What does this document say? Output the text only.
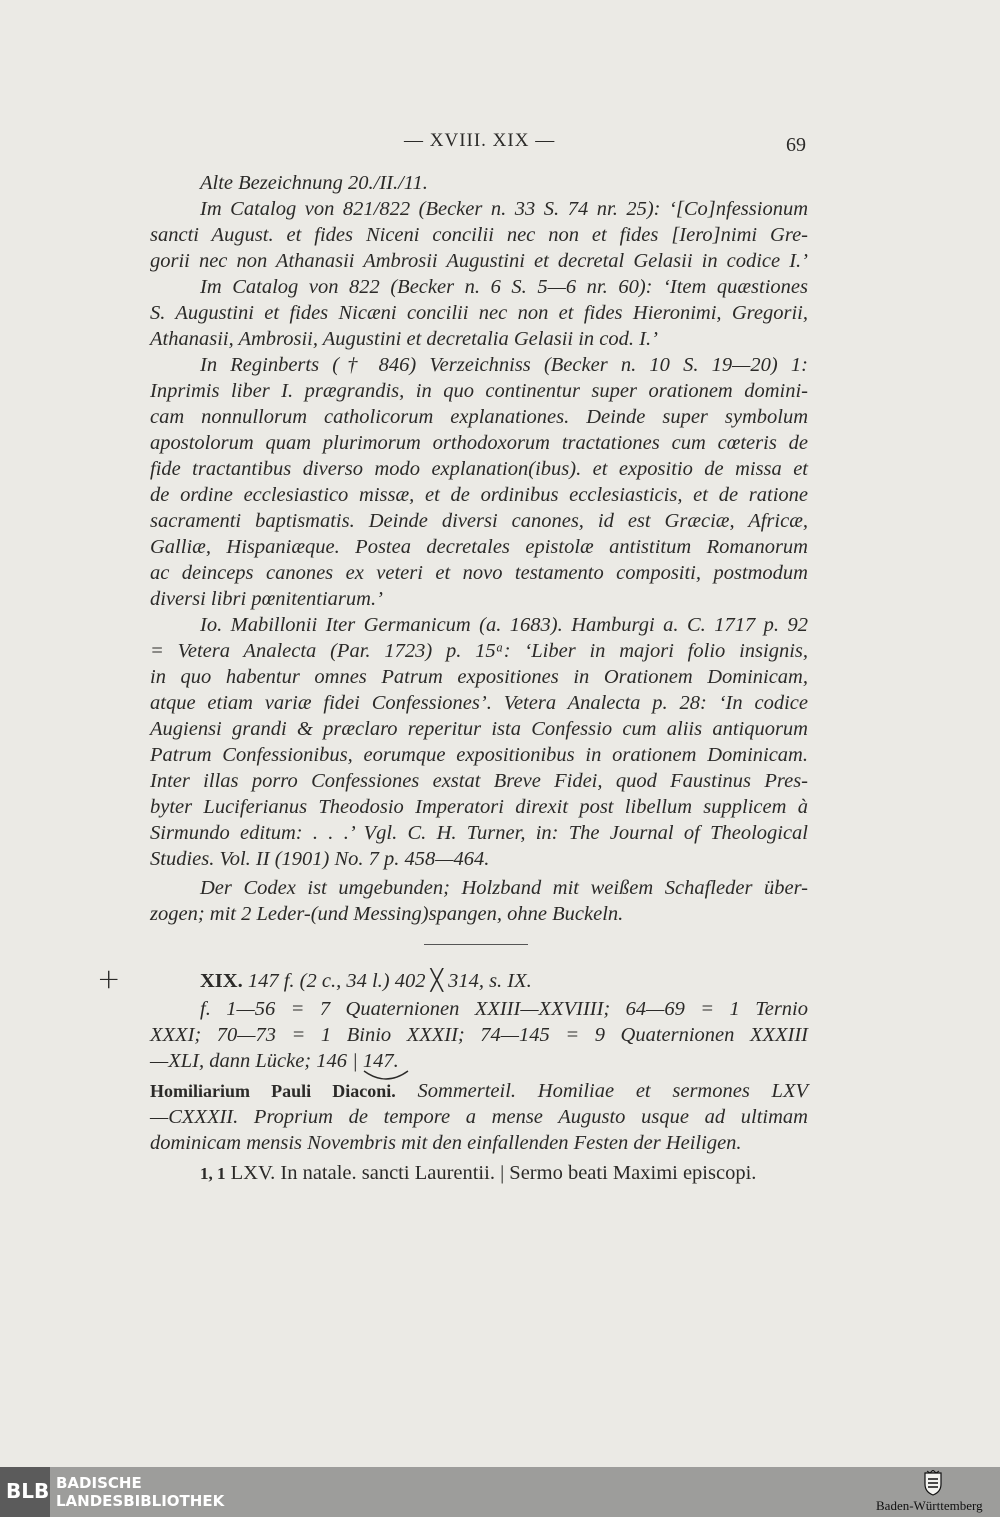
— XVIII. XIX —	69
Alte Bezeichnung 20./II./11.
Im Catalog von 821/822 (Becker n. 33 S. 74 nr. 25): ‘[Co]nfessionum
sancti August. et fides Niceni concilii nec non et fides [Iero]nimi Gre-
gorii nec non Athanasii Ambrosii Augustini et decretal Gelasii in codice I.’
Im Catalog von 822 (Becker n. 6 S. 5—6 nr. 60): ‘Item quæstiones
S. Augustini et fides Nicæni concilii nec non et fides Hieronimi, Gregorii,
Athanasii, Ambrosii, Augustini et decretalia Gelasii in cod. I.’
In Reginberts († 846) Verzeichniss (Becker n. 10 S. 19—20) 1:
Inprimis liber I. prægrandis, in quo continentur super orationem domini-
cam nonnullorum catholicorum explanationes. Deinde super symbolum
apostolorum quam plurimorum orthodoxorum tractationes cum cœteris de
fide tractantibus diverso modo explanation(ibus). et expositio de missa et
de ordine ecclesiastico missæ, et de ordinibus ecclesiasticis, et de ratione
sacramenti baptismatis. Deinde diversi canones, id est Græciæ, Africæ,
Galliæ, Hispaniæque. Postea decretales epistolæ antistitum Romanorum
ac deinceps canones ex veteri et novo testamento compositi, postmodum
diversi libri pœnitentiarum.’
Io. Mabillonii Iter Germanicum (a. 1683). Hamburgi a. C. 1717 p. 92
= Vetera Analecta (Par. 1723) p. 15ᵃ: ‘Liber in majori folio insignis,
in quo habentur omnes Patrum expositiones in Orationem Dominicam,
atque etiam variæ fidei Confessiones’. Vetera Analecta p. 28: ‘In codice
Augiensi grandi & præclaro reperitur ista Confessio cum aliis antiquorum
Patrum Confessionibus, eorumque expositionibus in orationem Dominicam.
Inter illas porro Confessiones exstat Breve Fidei, quod Faustinus Pres-
byter Luciferianus Theodosio Imperatori direxit post libellum supplicem à
Sirmundo editum: . . .’ Vgl. C. H. Turner, in: The Journal of Theological
Studies. Vol. II (1901) No. 7 p. 458—464.
Der Codex ist umgebunden; Holzband mit weißem Schafleder über-
zogen; mit 2 Leder-(und Messing)spangen, ohne Buckeln.
+	XIX. 147 f. (2 c., 34 l.) 402 ╳ 314, s. IX.
f. 1—56 = 7 Quaternionen XXIII—XXVIIII; 64—69 = 1 Ternio
XXXI; 70—73 = 1 Binio XXXII; 74—145 = 9 Quaternionen XXXIII
—XLI, dann Lücke; 146 | 147.
Homiliarium Pauli Diaconi. Sommerteil. Homiliae et sermones LXV
—CXXXII. Proprium de tempore a mense Augusto usque ad ultimam
dominicam mensis Novembris mit den einfallenden Festen der Heiligen.
1, 1 LXV. In natale. sancti Laurentii. | Sermo beati Maximi episcopi.
BLB BADISCHE
LANDESBIBLIOTHEK	Baden-Württemberg
